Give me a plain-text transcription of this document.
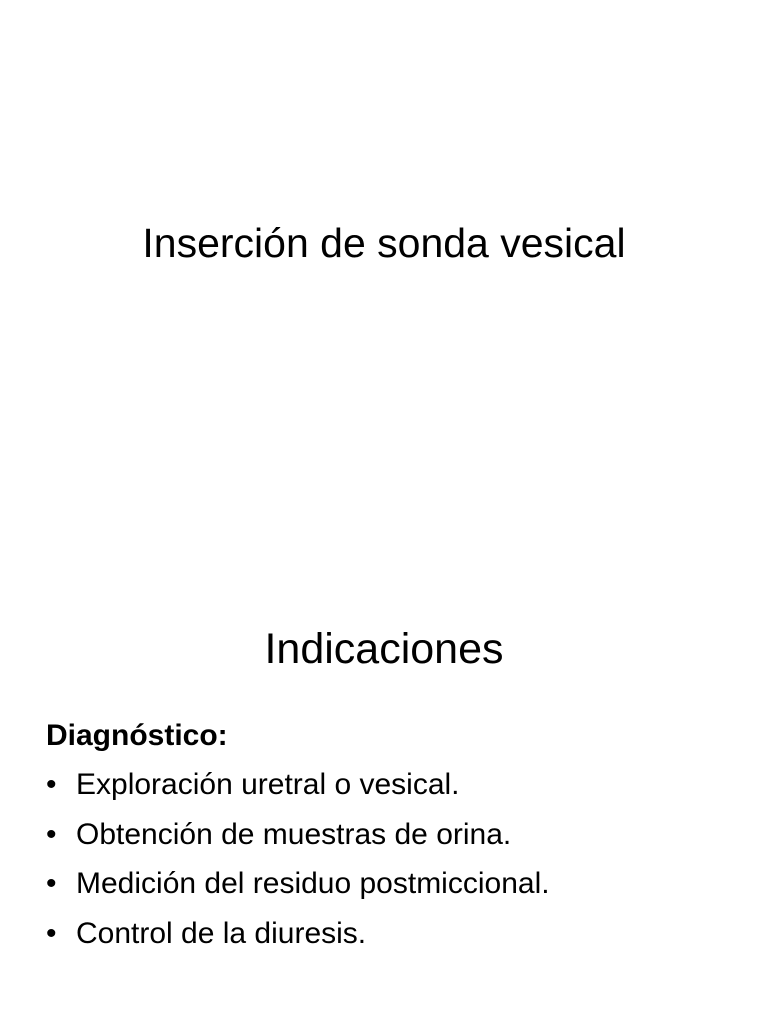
Inserción de sonda vesical
Indicaciones

Diagnóstico:

• Exploración uretral o vesical.
• Obtención de muestras de orina.
• Medición del residuo postmiccional.
• Control de la diuresis.
